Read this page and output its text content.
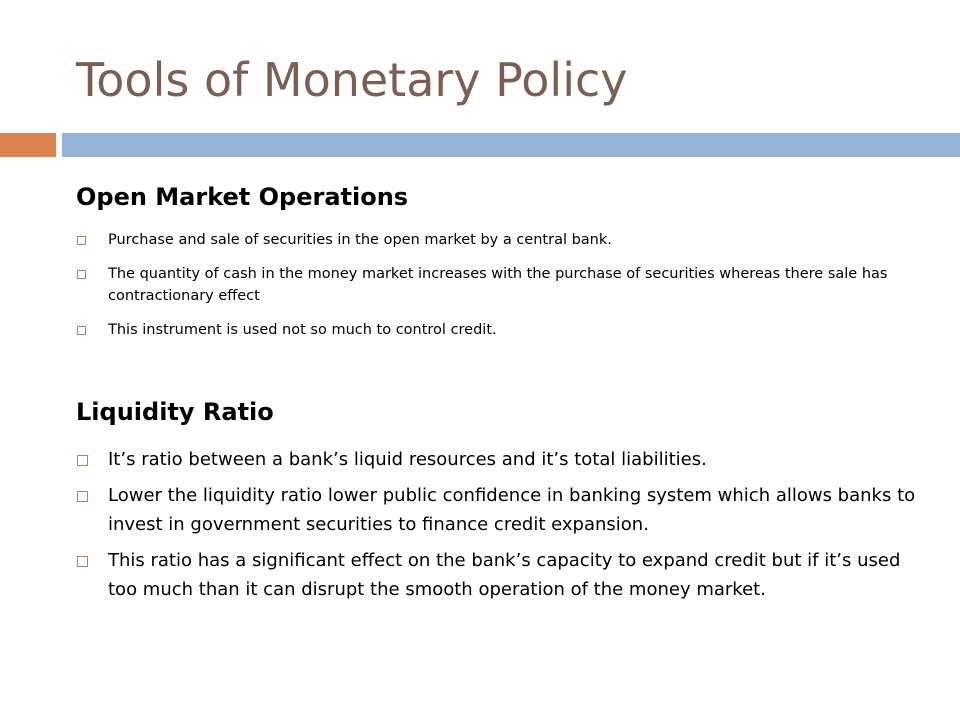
Tools of Monetary Policy
Open Market Operations
Purchase and sale of securities in the open market by a central bank.
The quantity of cash in the money market increases with the purchase of securities whereas there sale has contractionary effect
This instrument is used not so much to control credit.
Liquidity Ratio
It’s ratio between a bank’s liquid resources and it’s total liabilities.
Lower the liquidity ratio lower public confidence in banking system which allows banks to invest in government securities to finance credit expansion.
This ratio has a significant effect on the bank’s capacity to expand credit but if it’s used too much than it can disrupt the smooth operation of the money market.
